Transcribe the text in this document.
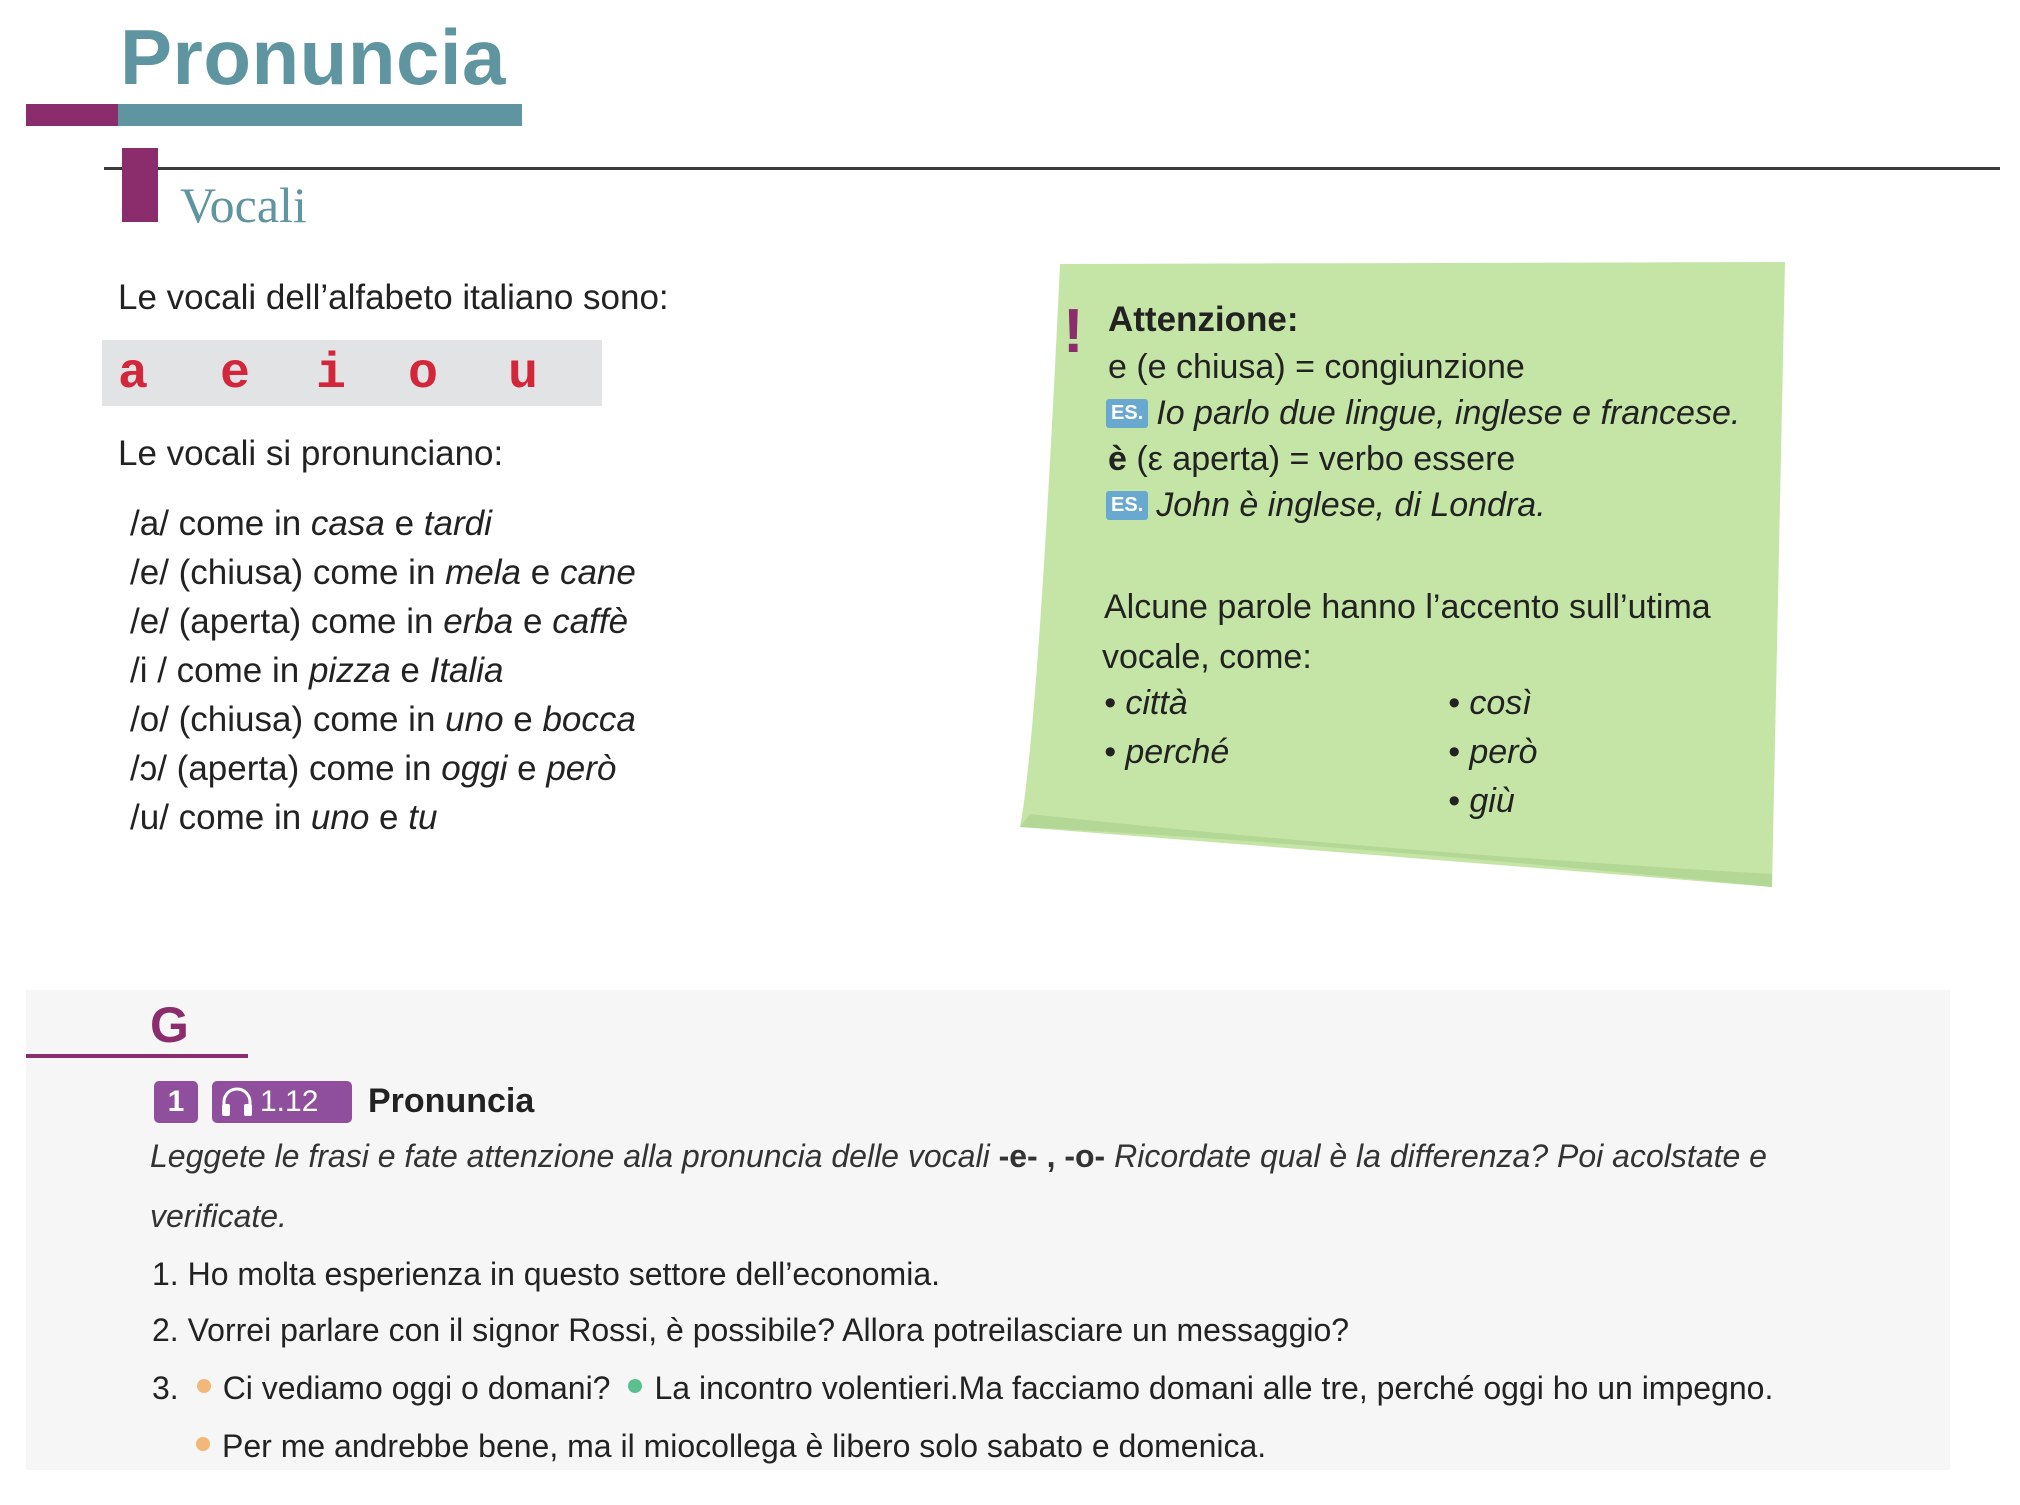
Pronuncia
Vocali
Le vocali dell’alfabeto italiano sono:
a e i o u
Le vocali si pronunciano:
/a/ come in casa e tardi
/e/ (chiusa) come in mela e cane
/e/ (aperta) come in erba e caffè
/i / come in pizza e Italia
/o/ (chiusa) come in uno e bocca
/ɔ/ (aperta) come in oggi e però
/u/ come in uno e tu
! Attenzione:
e (e chiusa) = congiunzione
ES. Io parlo due lingue, inglese e francese.
è (ε aperta) = verbo essere
ES. John è inglese, di Londra.
Alcune parole hanno l’accento sull’utima
vocale, come:
• città
• perché
• così
• però
• giù
G
1	1.12 Pronuncia
Leggete le frasi e fate attenzione alla pronuncia delle vocali -e- , -o- Ricordate qual è la differenza? Poi acolstate e
verificate.
1. Ho molta esperienza in questo settore dell’economia.
2. Vorrei parlare con il signor Rossi, è possibile? Allora potreilasciare un messaggio?
3. Ci vediamo oggi o domani? La incontro volentieri.Ma facciamo domani alle tre, perché oggi ho un impegno.
Per me andrebbe bene, ma il miocollega è libero solo sabato e domenica.
